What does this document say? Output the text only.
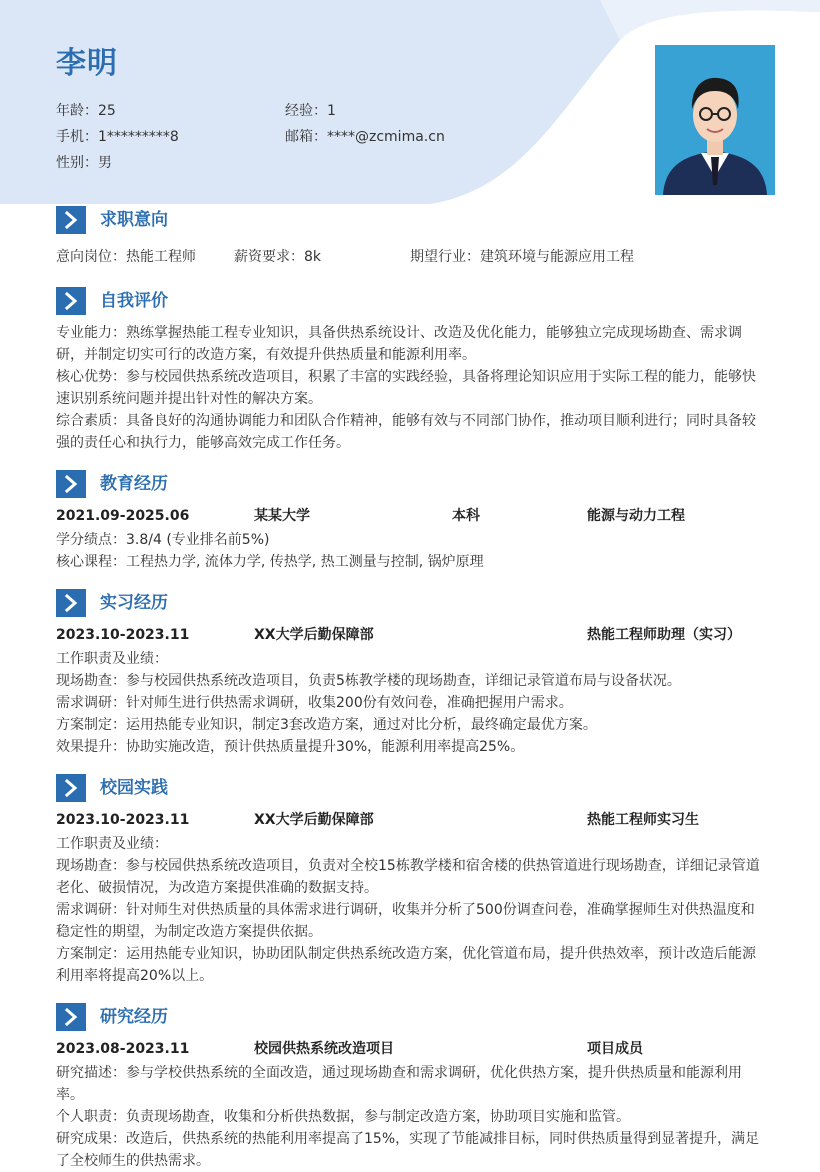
李明
年龄：25	经验：1
手机：1*********8	邮箱：****@zcmima.cn
性别：男
求职意向
意向岗位：热能工程师	薪资要求：8k	期望行业：建筑环境与能源应用工程
自我评价
专业能力：熟练掌握热能工程专业知识，具备供热系统设计、改造及优化能力，能够独立完成现场勘查、需求调研，并制定切实可行的改造方案，有效提升供热质量和能源利用率。
核心优势：参与校园供热系统改造项目，积累了丰富的实践经验，具备将理论知识应用于实际工程的能力，能够快速识别系统问题并提出针对性的解决方案。
综合素质：具备良好的沟通协调能力和团队合作精神，能够有效与不同部门协作，推动项目顺利进行；同时具备较强的责任心和执行力，能够高效完成工作任务。
教育经历
2021.09-2025.06	某某大学	本科	能源与动力工程
学分绩点：3.8/4 (专业排名前5%)
核心课程：工程热力学, 流体力学, 传热学, 热工测量与控制, 锅炉原理
实习经历
2023.10-2023.11	XX大学后勤保障部	热能工程师助理（实习）
工作职责及业绩：
现场勘查：参与校园供热系统改造项目，负责5栋教学楼的现场勘查，详细记录管道布局与设备状况。
需求调研：针对师生进行供热需求调研，收集200份有效问卷，准确把握用户需求。
方案制定：运用热能专业知识，制定3套改造方案，通过对比分析，最终确定最优方案。
效果提升：协助实施改造，预计供热质量提升30%，能源利用率提高25%。
校园实践
2023.10-2023.11	XX大学后勤保障部	热能工程师实习生
工作职责及业绩：
现场勘查：参与校园供热系统改造项目，负责对全校15栋教学楼和宿舍楼的供热管道进行现场勘查，详细记录管道老化、破损情况，为改造方案提供准确的数据支持。
需求调研：针对师生对供热质量的具体需求进行调研，收集并分析了500份调查问卷，准确掌握师生对供热温度和稳定性的期望，为制定改造方案提供依据。
方案制定：运用热能专业知识，协助团队制定供热系统改造方案，优化管道布局，提升供热效率，预计改造后能源利用率将提高20%以上。
研究经历
2023.08-2023.11	校园供热系统改造项目	项目成员
研究描述：参与学校供热系统的全面改造，通过现场勘查和需求调研，优化供热方案，提升供热质量和能源利用率。
个人职责：负责现场勘查，收集和分析供热数据，参与制定改造方案，协助项目实施和监管。
研究成果：改造后，供热系统的热能利用率提高了15%，实现了节能减排目标，同时供热质量得到显著提升，满足了全校师生的供热需求。
